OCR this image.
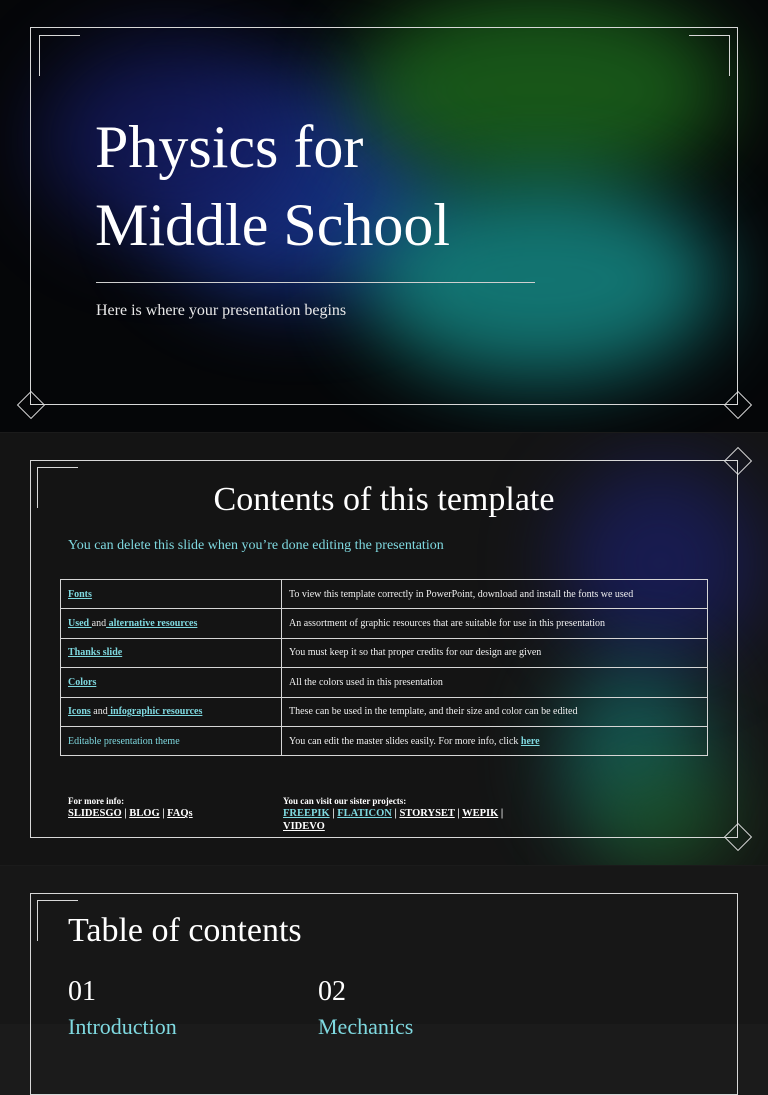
Physics for
Middle School
Here is where your presentation begins
Contents of this template
You can delete this slide when you’re done editing the presentation
Fonts	To view this template correctly in PowerPoint, download and install the fonts we used
Used and alternative resources	An assortment of graphic resources that are suitable for use in this presentation
Thanks slide	You must keep it so that proper credits for our design are given
Colors	All the colors used in this presentation
Icons and infographic resources	These can be used in the template, and their size and color can be edited
Editable presentation theme	You can edit the master slides easily. For more info, click here
For more info:
SLIDESGO | BLOG | FAQs
You can visit our sister projects:
FREEPIK | FLATICON | STORYSET | WEPIK |
VIDEVO
Table of contents
01
Introduction
02
Mechanics
